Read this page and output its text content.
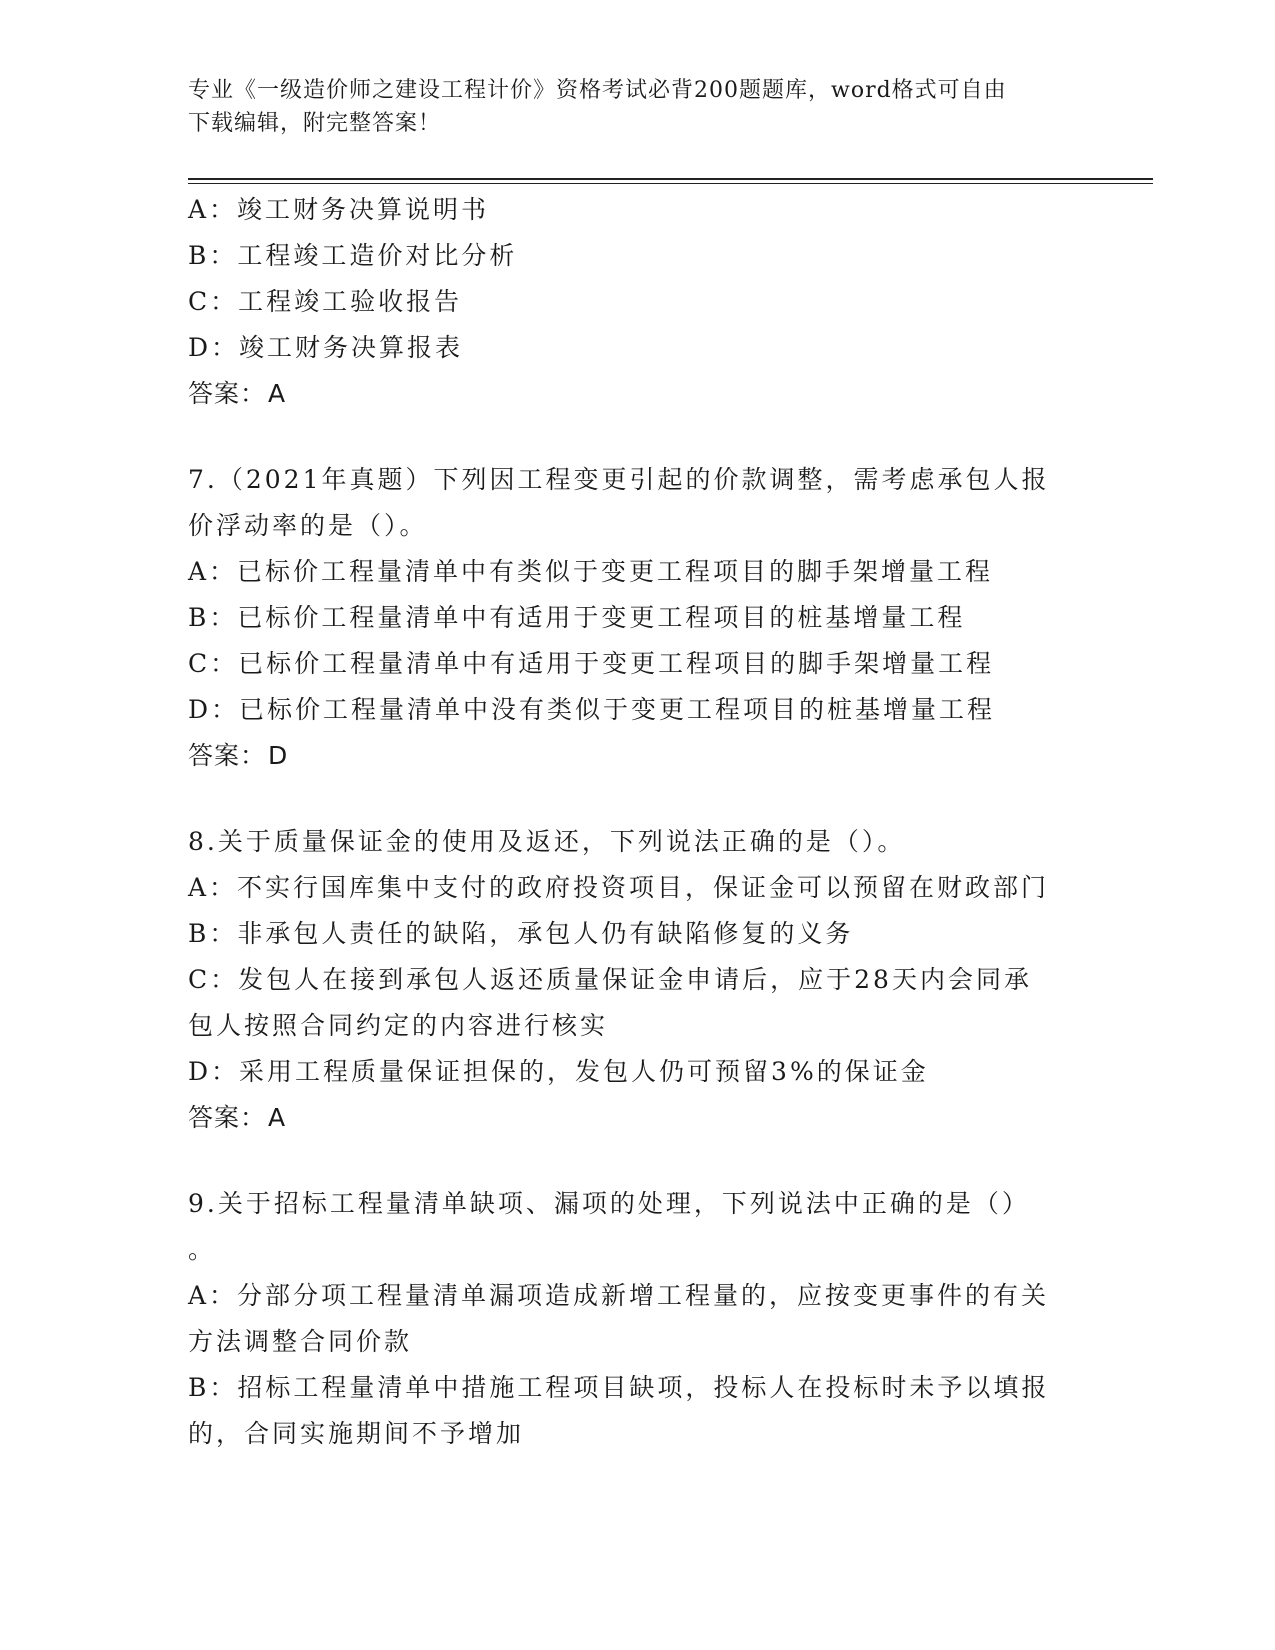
专业《一级造价师之建设工程计价》资格考试必背200题题库，word格式可自由
下载编辑，附完整答案！
A：竣工财务决算说明书
B：工程竣工造价对比分析
C：工程竣工验收报告
D：竣工财务决算报表
答案：A
7.（2021年真题）下列因工程变更引起的价款调整，需考虑承包人报
价浮动率的是（）。
A：已标价工程量清单中有类似于变更工程项目的脚手架增量工程
B：已标价工程量清单中有适用于变更工程项目的桩基增量工程
C：已标价工程量清单中有适用于变更工程项目的脚手架增量工程
D：已标价工程量清单中没有类似于变更工程项目的桩基增量工程
答案：D
8.关于质量保证金的使用及返还，下列说法正确的是（）。
A：不实行国库集中支付的政府投资项目，保证金可以预留在财政部门
B：非承包人责任的缺陷，承包人仍有缺陷修复的义务
C：发包人在接到承包人返还质量保证金申请后，应于28天内会同承
包人按照合同约定的内容进行核实
D：采用工程质量保证担保的，发包人仍可预留3%的保证金
答案：A
9.关于招标工程量清单缺项、漏项的处理，下列说法中正确的是（）
。
A：分部分项工程量清单漏项造成新增工程量的，应按变更事件的有关
方法调整合同价款
B：招标工程量清单中措施工程项目缺项，投标人在投标时未予以填报
的，合同实施期间不予增加
